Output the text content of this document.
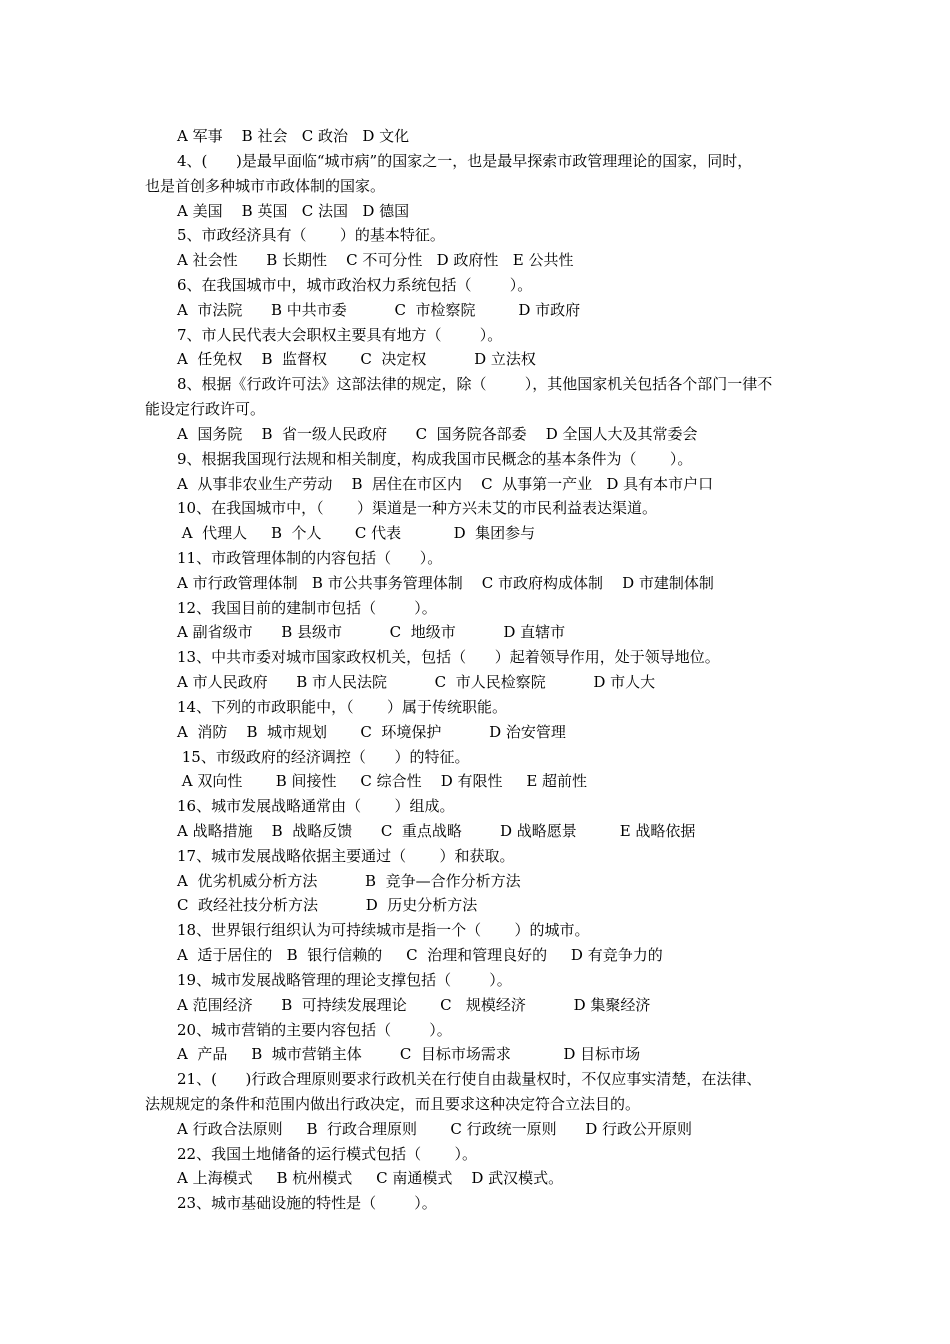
A 军事    B 社会   C 政治   D 文化
4、(      )是最早面临“城市病”的国家之一，也是最早探索市政管理理论的国家，同时，
也是首创多种城市市政体制的国家。
A 美国    B 英国   C 法国   D 德国
5、市政经济具有（       ）的基本特征。
A 社会性      B 长期性    C 不可分性   D 政府性   E 公共性
6、在我国城市中，城市政治权力系统包括（        ）。
A  市法院      B 中共市委          C  市检察院         D 市政府
7、市人民代表大会职权主要具有地方（        ）。
A  任免权    B  监督权       C  决定权          D 立法权
8、根据《行政许可法》这部法律的规定，除（        ），其他国家机关包括各个部门一律不
能设定行政许可。
A  国务院    B  省一级人民政府      C  国务院各部委    D 全国人大及其常委会
9、根据我国现行法规和相关制度，构成我国市民概念的基本条件为（       ）。
A  从事非农业生产劳动    B  居住在市区内    C  从事第一产业   D 具有本市户口
10、在我国城市中，（       ）渠道是一种方兴未艾的市民利益表达渠道。
A  代理人     B  个人       C 代表           D  集团参与
11、市政管理体制的内容包括（      ）。
A 市行政管理体制   B 市公共事务管理体制    C 市政府构成体制    D 市建制体制
12、我国目前的建制市包括（        ）。
A 副省级市      B 县级市          C  地级市          D 直辖市
13、中共市委对城市国家政权机关，包括（      ）起着领导作用，处于领导地位。
A 市人民政府      B 市人民法院          C  市人民检察院          D 市人大
14、下列的市政职能中，（       ）属于传统职能。
A  消防    B  城市规划       C  环境保护          D 治安管理
15、市级政府的经济调控（      ）的特征。
A 双向性       B 间接性     C 综合性    D 有限性     E 超前性
16、城市发展战略通常由（       ）组成。
A 战略措施    B  战略反馈      C  重点战略        D 战略愿景         E 战略依据
17、城市发展战略依据主要通过（       ）和获取。
A  优劣机威分析方法          B  竞争—合作分析方法
C  政经社技分析方法          D  历史分析方法
18、世界银行组织认为可持续城市是指一个（       ）的城市。
A  适于居住的   B  银行信赖的     C  治理和管理良好的     D 有竞争力的
19、城市发展战略管理的理论支撑包括（        ）。
A 范围经济      B  可持续发展理论       C   规模经济          D 集聚经济
20、城市营销的主要内容包括（        ）。
A  产品     B  城市营销主体        C  目标市场需求           D 目标市场
21、(      )行政合理原则要求行政机关在行使自由裁量权时，不仅应事实清楚，在法律、
法规规定的条件和范围内做出行政决定，而且要求这种决定符合立法目的。
A 行政合法原则     B  行政合理原则       C 行政统一原则      D 行政公开原则
22、我国土地储备的运行模式包括（       ）。
A 上海模式     B 杭州模式     C 南通模式    D 武汉模式。
23、城市基础设施的特性是（        ）。
